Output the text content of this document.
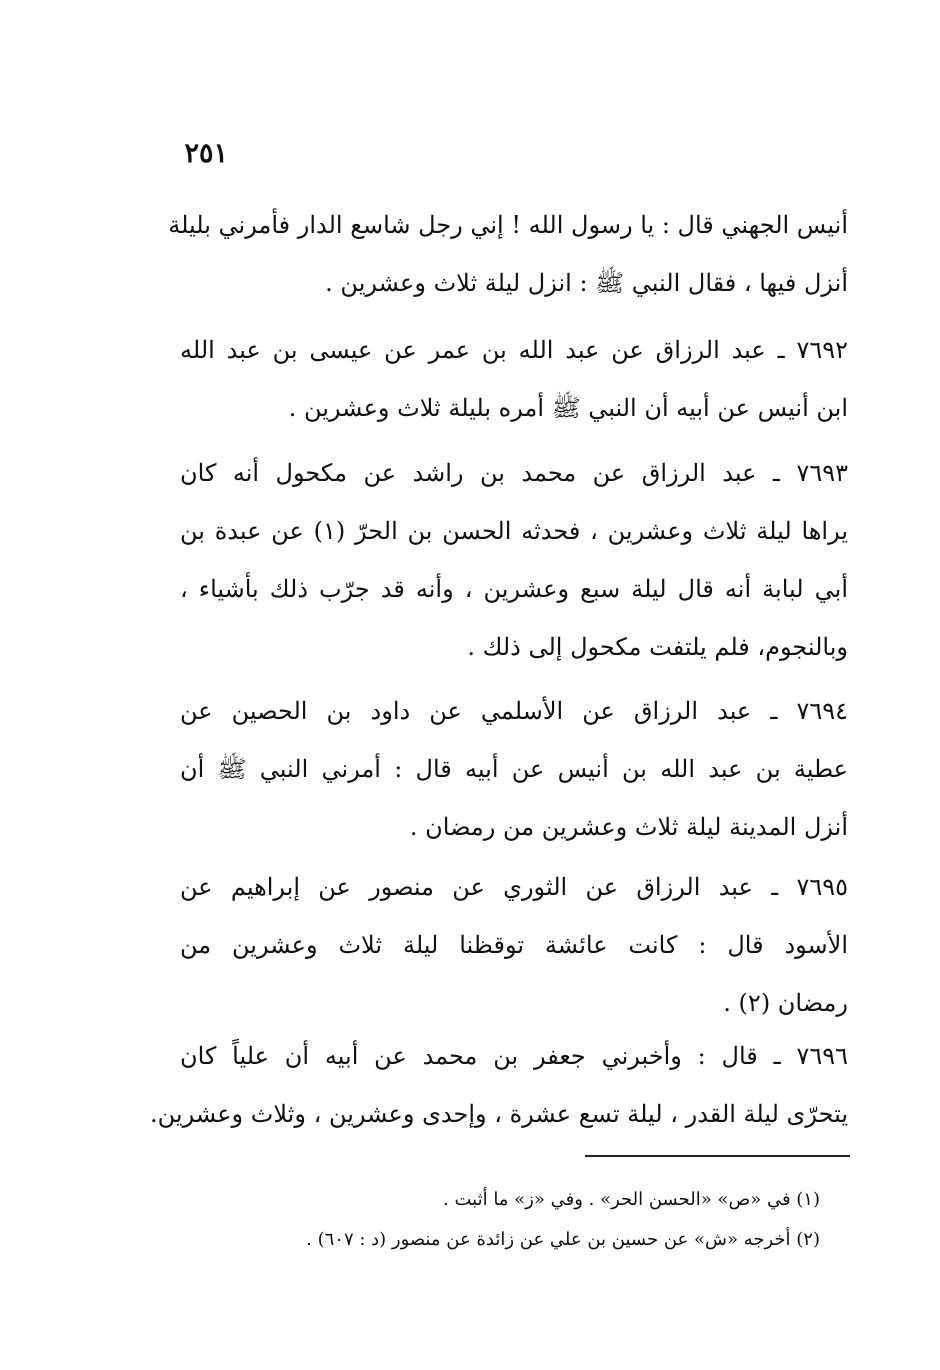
٢٥١

أنيس الجهني قال : يا رسول الله ! إني رجل شاسع الدار فأمرني بليلة
أنزل فيها ، فقال النبي ﷺ : انزل ليلة ثلاث وعشرين .

٧٦٩٢ ـ عبد الرزاق عن عبد الله بن عمر عن عيسى بن عبد الله
ابن أنيس عن أبيه أن النبي ﷺ أمره بليلة ثلاث وعشرين .

٧٦٩٣ ـ عبد الرزاق عن محمد بن راشد عن مكحول أنه كان
يراها ليلة ثلاث وعشرين ، فحدثه الحسن بن الحرّ (١) عن عبدة بن
أبي لبابة أنه قال ليلة سبع وعشرين ، وأنه قد جرّب ذلك بأشياء ،
وبالنجوم، فلم يلتفت مكحول إلى ذلك .

٧٦٩٤ ـ عبد الرزاق عن الأسلمي عن داود بن الحصين عن
عطية بن عبد الله بن أنيس عن أبيه قال : أمرني النبي ﷺ أن
أنزل المدينة ليلة ثلاث وعشرين من رمضان .

٧٦٩٥ ـ عبد الرزاق عن الثوري عن منصور عن إبراهيم عن
الأسود قال : كانت عائشة توقظنا ليلة ثلاث وعشرين من
رمضان (٢) .

٧٦٩٦ ـ قال : وأخبرني جعفر بن محمد عن أبيه أن علياً كان
يتحرّى ليلة القدر ، ليلة تسع عشرة ، وإحدى وعشرين ، وثلاث وعشرين.

(١) في «ص» «الحسن الحر» . وفي «ز» ما أثبت .
(٢) أخرجه «ش» عن حسين بن علي عن زائدة عن منصور (د : ٦٠٧) .
